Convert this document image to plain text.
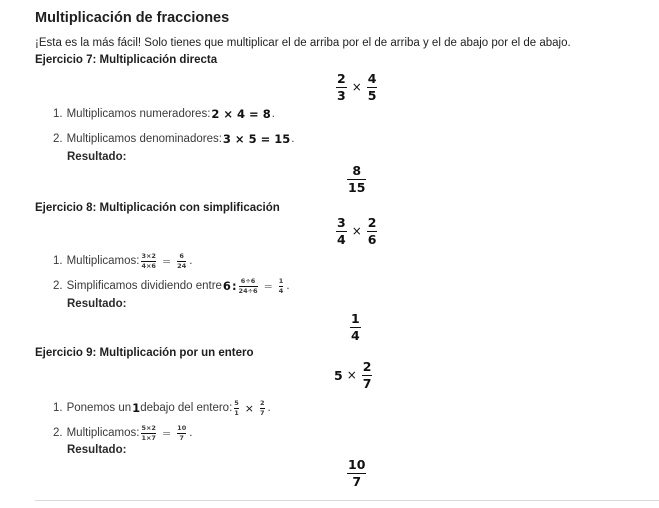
Multiplicación de fracciones
¡Esta es la más fácil! Solo tienes que multiplicar el de arriba por el de arriba y el de abajo por el de abajo.
Ejercicio 7: Multiplicación directa
$\frac{2}{3} \times \frac{4}{5}$
1. Multiplicamos numeradores: 2 × 4 = 8 .
2. Multiplicamos denominadores: 3 × 5 = 15 .
Resultado:
$\frac{8}{15}$
Ejercicio 8: Multiplicación con simplificación
$\frac{3}{4} \times \frac{2}{6}$
1. Multiplicamos: 3×2
4×6 = 6
24 .
2. Simplificamos dividiendo entre 6 : 6÷6
24÷6 = 1
4 .
Resultado:
$\frac{1}{4}$
Ejercicio 9: Multiplicación por un entero
$5 \times \frac{2}{7}$
1. Ponemos un 1 debajo del entero: 5
1 × 2
7 .
2. Multiplicamos: 5×2
1×7 = 10
7 .
Resultado:
$\frac{10}{7}$
